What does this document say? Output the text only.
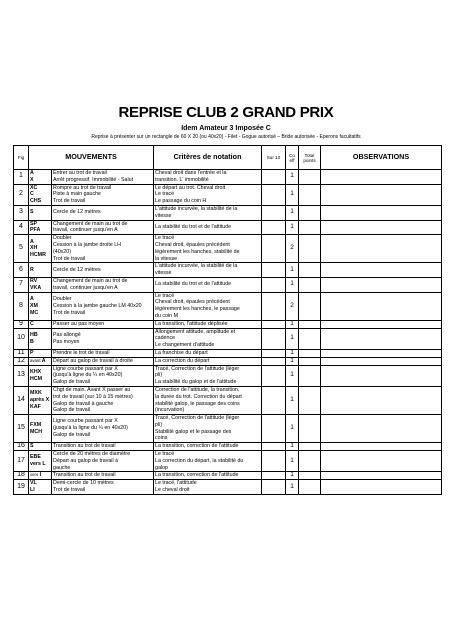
REPRISE CLUB 2 GRAND PRIX
Idem Amateur 3 Imposée C
Reprise à présenter sur un rectangle de 60 X 20 (ou 40x20) - Filet - Gogue autorisé – Bride autorisée - Eperons facultatifs
Fig	MOUVEMENTS		Critères de notation	Sur 10	Co eff	Total points	OBSERVATIONS
1	A
X	Entrer au trot de travail
Arrêt progressif. Immobilité - Salut	Cheval droit dans l'entrée et la
transition. L' immobilité		1		
2	XC
C
CHS	Rompre au trot de travail
Piste à main gauche
Trot de travail	Le départ au trot. Cheval droit
Le tracé
Le passage du coin H		1		
3	S	Cercle de 12 mètres	L'attitude incurvée, la stabilité de la
vitesse		1		
4	SP
PFA	Changement de main au trot de
travail, continuer jusqu'en A	La stabilité du trot et de l'attitude		1		
5	A
XH
HCMR	Doubler
Cession à la jambe droite LH
(40x20)
Trot de travail	Le tracé
Cheval droit, épaules précédent
légèrement les hanches, stabilité de
la vitesse		2		
6	R	Cercle de 12 mètres	L'attitude incurvée, la stabilité de la
vitesse		1		
7	RV
VKA	Changement de main au trot de
travail, continuer jusqu'en A	La stabilité du trot et de l'attitude		1		
8	A
XM
MC	Doubler
Cession à la jambe gauche LM 40x20
Trot de travail	Le tracé
Cheval droit, épaules précédent
légèrement les hanches, le passage
du coin M		2		
9	C	Passer au pas moyen	La transition, l'attitude déplisée		1		
10	HB
B	Pas allongé
Pas moyen	Allongement attitude, amplitude et
cadence
Le changement d'attitude		1		
11	P	Prendre le trot de travail	La franchise du départ		1		
12	avant A	Départ au galop de travail à droite	La correction du départ		1		
13	KHX
HCM	Ligne courbe passant par X
(jusqu'à ligne du ¼ en 40x20)
Galop de travail	Tracé, Correction de l'attitude (léger
pli)
La stabilité du galop et de l'attitude		1		
14	MXK
après X
KAF	Chgt de main. Avant X passer au
trot de travail (sur 10 à 15 mètres)
Galop de travail à gauche
Galop de travail	Correction de l'attitude, la transition,
la durée du trot. Correction du départ
stabilité galop, le passage des coins
(incurvation)		1		
15	FXM
MCH	Ligne courbe passant par X
(jusqu'à la ligne du ¼ en 40x20)
Galop de travail	Tracé, Correction de l'attitude (léger
pli)
Stabilité galop et le passage des
coins		1		
16	S	Transition au trot de travail	La transition, correction de l'attitude		1		
17	EBE
vers L	Cercle de 20 mètres de diamètre
Départ au galop de travail à
gauche	Le tracé
La correction du départ, la stabilité du
galop		1		
18	vers I	Transition au trot de travail	La transition, correction de l'attitude		1		
19	VL
LI	Demi-cercle de 10 mètres
Trot de travail	Le tracé, l'attitude
Le cheval droit		1		
